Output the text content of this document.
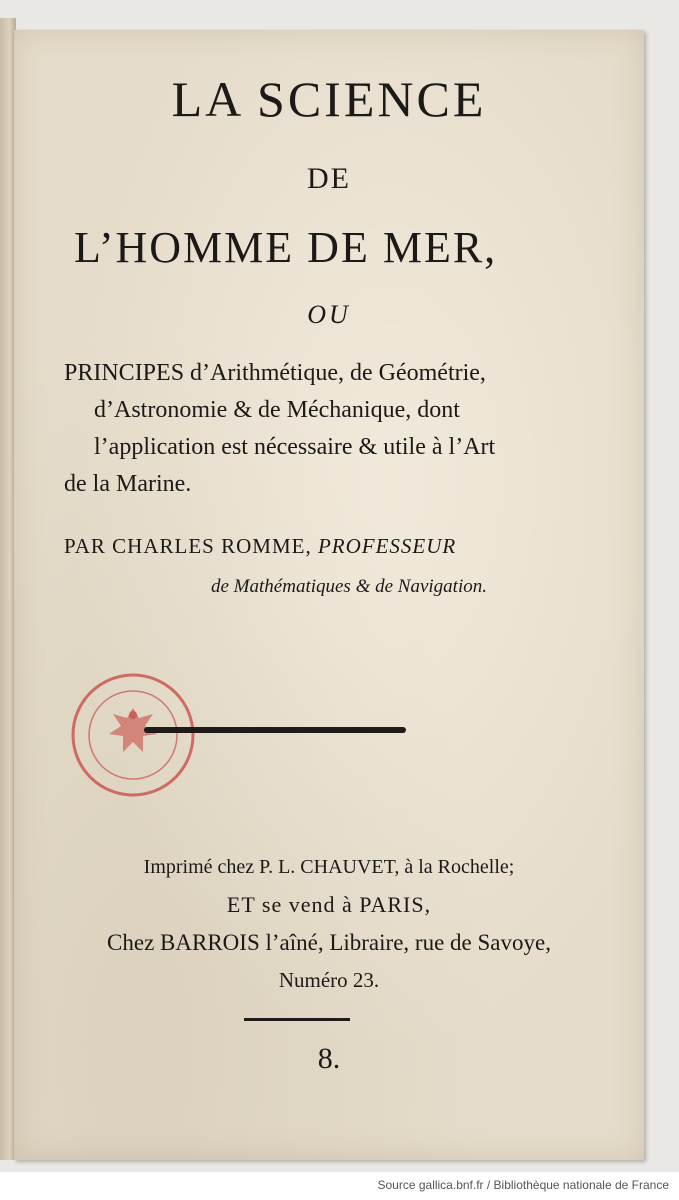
LA SCIENCE
DE
L’HOMME DE MER,
OU
PRINCIPES d’Arithmétique, de Géométrie,
d’Astronomie & de Méchanique, dont
l’application est nécessaire & utile à l’Art
de la Marine.
PAR CHARLES ROMME, PROFESSEUR
de Mathématiques & de Navigation.
Imprimé chez P. L. CHAUVET, à la Rochelle;
ET se vend à PARIS,
Chez BARROIS l’aîné, Libraire, rue de Savoye,
Numéro 23.
8.
Source gallica.bnf.fr / Bibliothèque nationale de France
